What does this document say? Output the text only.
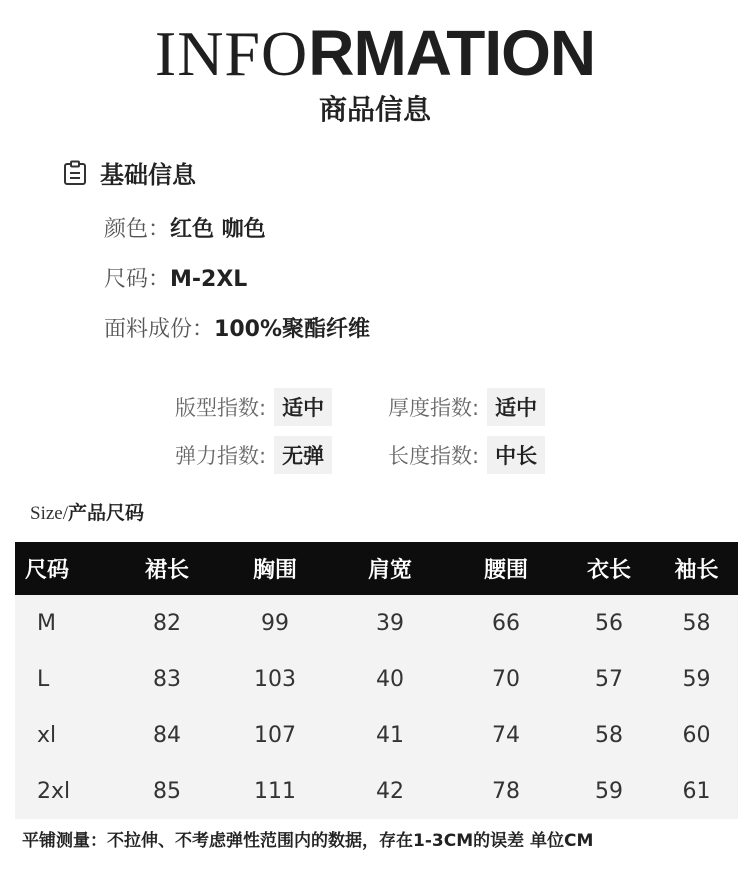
INFORMATION
商品信息
基础信息
颜色：红色 咖色
尺码：M-2XL
面料成份：100%聚酯纤维
版型指数: 适中	厚度指数: 适中
弹力指数: 无弹	长度指数: 中长
Size/产品尺码
尺码	裙长	胸围	肩宽	腰围	衣长	袖长
M	82	99	39	66	56	58
L	83	103	40	70	57	59
xl	84	107	41	74	58	60
2xl	85	111	42	78	59	61
平铺测量：不拉伸、不考虑弹性范围内的数据，存在1-3CM的误差 单位CM
